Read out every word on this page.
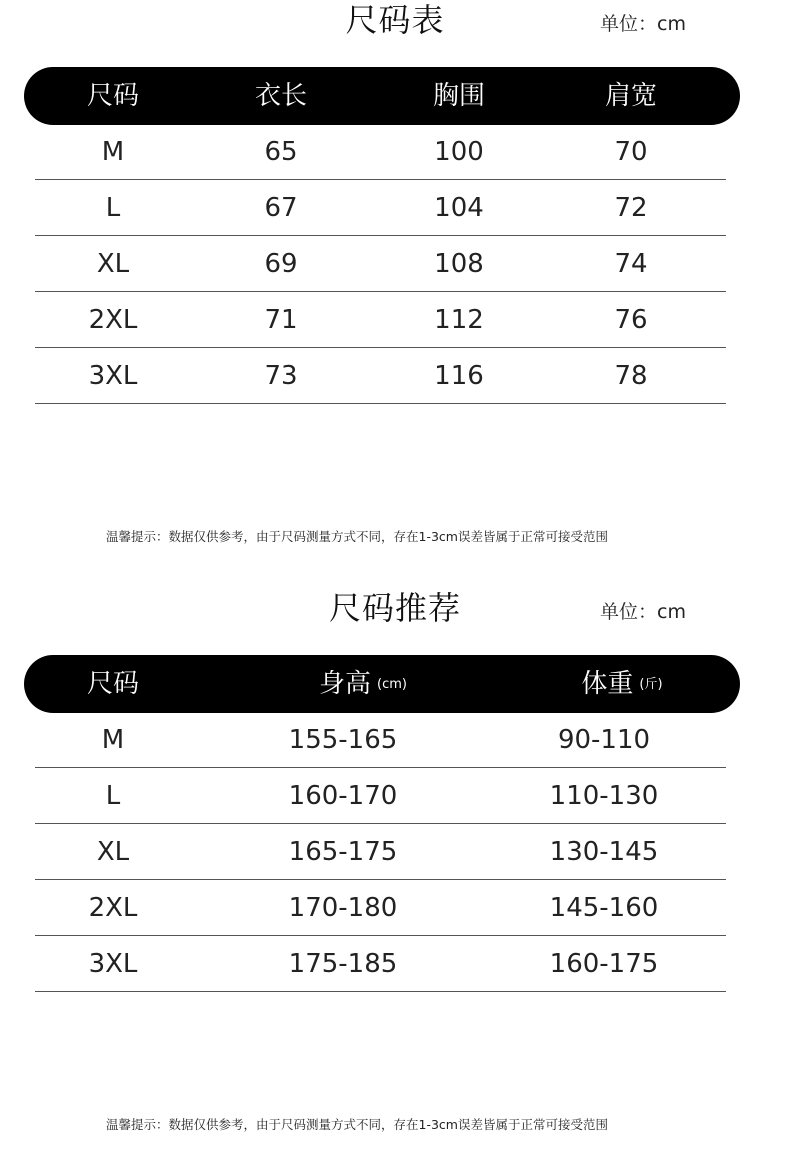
尺码表	单位：cm
尺码	衣长	胸围	肩宽
M	65	100	70
L	67	104	72
XL	69	108	74
2XL	71	112	76
3XL	73	116	78
温馨提示：数据仅供参考，由于尺码测量方式不同，存在1-3cm误差皆属于正常可接受范围
尺码推荐	单位：cm
尺码	身高 (cm)	体重 (斤)
M	155-165	90-110
L	160-170	110-130
XL	165-175	130-145
2XL	170-180	145-160
3XL	175-185	160-175
温馨提示：数据仅供参考，由于尺码测量方式不同，存在1-3cm误差皆属于正常可接受范围
